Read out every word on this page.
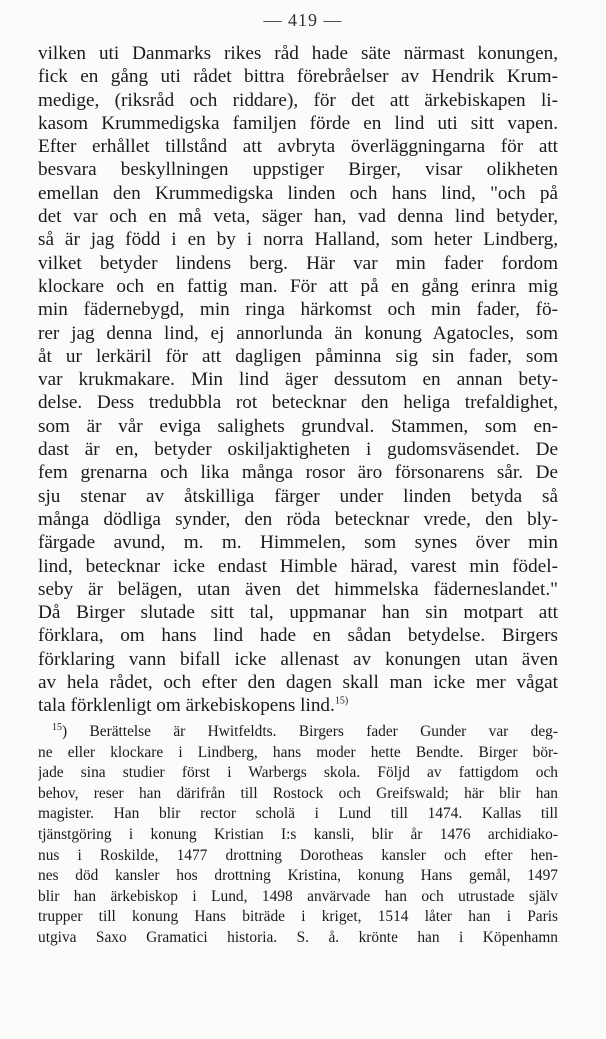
— 419 —
vilken uti Danmarks rikes råd hade säte närmast konungen,
fick en gång uti rådet bittra förebråelser av Hendrik Krum-
medige, (riksråd och riddare), för det att ärkebiskapen li-
kasom Krummedigska familjen förde en lind uti sitt vapen.
Efter erhållet tillstånd att avbryta överläggningarna för att
besvara beskyllningen uppstiger Birger, visar olikheten
emellan den Krummedigska linden och hans lind, "och på
det var och en må veta, säger han, vad denna lind betyder,
så är jag född i en by i norra Halland, som heter Lindberg,
vilket betyder lindens berg. Här var min fader fordom
klockare och en fattig man. För att på en gång erinra mig
min fädernebygd, min ringa härkomst och min fader, fö-
rer jag denna lind, ej annorlunda än konung Agatocles, som
åt ur lerkäril för att dagligen påminna sig sin fader, som
var krukmakare. Min lind äger dessutom en annan bety-
delse. Dess tredubbla rot betecknar den heliga trefaldighet,
som är vår eviga salighets grundval. Stammen, som en-
dast är en, betyder oskiljaktigheten i gudomsväsendet. De
fem grenarna och lika många rosor äro försonarens sår. De
sju stenar av åtskilliga färger under linden betyda så
många dödliga synder, den röda betecknar vrede, den bly-
färgade avund, m. m. Himmelen, som synes över min
lind, betecknar icke endast Himble härad, varest min födel-
seby är belägen, utan även det himmelska fäderneslandet."
Då Birger slutade sitt tal, uppmanar han sin motpart att
förklara, om hans lind hade en sådan betydelse. Birgers
förklaring vann bifall icke allenast av konungen utan även
av hela rådet, och efter den dagen skall man icke mer vågat
tala förklenligt om ärkebiskopens lind.$^{15)}$
$^{15}$) Berättelse är Hwitfeldts. Birgers fader Gunder var deg-
ne eller klockare i Lindberg, hans moder hette Bendte. Birger bör-
jade sina studier först i Warbergs skola. Följd av fattigdom och
behov, reser han därifrån till Rostock och Greifswald; här blir han
magister. Han blir rector scholä i Lund till 1474. Kallas till
tjänstgöring i konung Kristian I:s kansli, blir år 1476 archidiako-
nus i Roskilde, 1477 drottning Dorotheas kansler och efter hen-
nes död kansler hos drottning Kristina, konung Hans gemål, 1497
blir han ärkebiskop i Lund, 1498 anvärvade han och utrustade själv
trupper till konung Hans biträde i kriget, 1514 låter han i Paris
utgiva Saxo Gramatici historia. S. å. krönte han i Köpenhamn
